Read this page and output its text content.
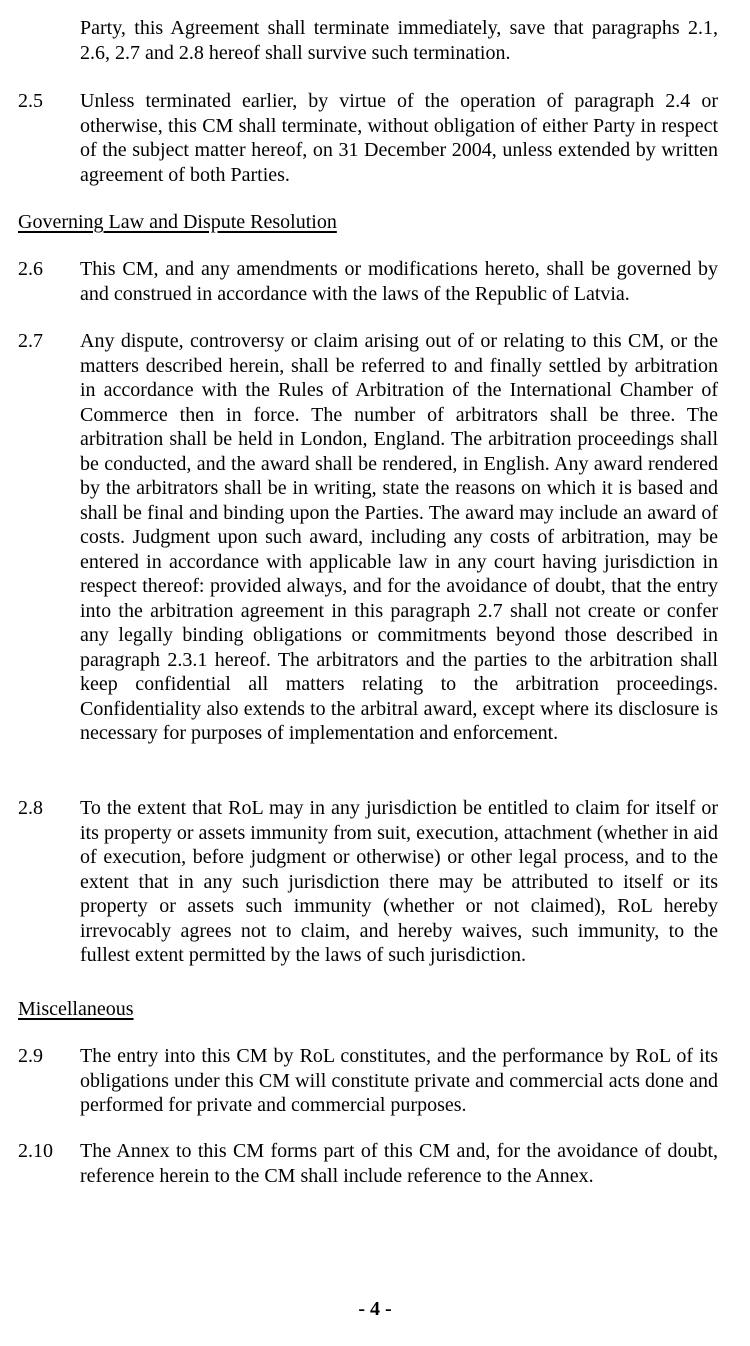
Party, this Agreement shall terminate immediately, save that paragraphs 2.1, 2.6, 2.7 and 2.8 hereof shall survive such termination.
2.5	Unless terminated earlier, by virtue of the operation of paragraph 2.4 or otherwise, this CM shall terminate, without obligation of either Party in respect of the subject matter hereof, on 31 December 2004, unless extended by written agreement of both Parties.
Governing Law and Dispute Resolution
2.6	This CM, and any amendments or modifications hereto, shall be governed by and construed in accordance with the laws of the Republic of Latvia.
2.7	Any dispute, controversy or claim arising out of or relating to this CM, or the matters described herein, shall be referred to and finally settled by arbitration in accordance with the Rules of Arbitration of the International Chamber of Commerce then in force. The number of arbitrators shall be three. The arbitration shall be held in London, England. The arbitration proceedings shall be conducted, and the award shall be rendered, in English. Any award rendered by the arbitrators shall be in writing, state the reasons on which it is based and shall be final and binding upon the Parties. The award may include an award of costs. Judgment upon such award, including any costs of arbitration, may be entered in accordance with applicable law in any court having jurisdiction in respect thereof: provided always, and for the avoidance of doubt, that the entry into the arbitration agreement in this paragraph 2.7 shall not create or confer any legally binding obligations or commitments beyond those described in paragraph 2.3.1 hereof. The arbitrators and the parties to the arbitration shall keep confidential all matters relating to the arbitration proceedings. Confidentiality also extends to the arbitral award, except where its disclosure is necessary for purposes of implementation and enforcement.
2.8	To the extent that RoL may in any jurisdiction be entitled to claim for itself or its property or assets immunity from suit, execution, attachment (whether in aid of execution, before judgment or otherwise) or other legal process, and to the extent that in any such jurisdiction there may be attributed to itself or its property or assets such immunity (whether or not claimed), RoL hereby irrevocably agrees not to claim, and hereby waives, such immunity, to the fullest extent permitted by the laws of such jurisdiction.
Miscellaneous
2.9	The entry into this CM by RoL constitutes, and the performance by RoL of its obligations under this CM will constitute private and commercial acts done and performed for private and commercial purposes.
2.10	The Annex to this CM forms part of this CM and, for the avoidance of doubt, reference herein to the CM shall include reference to the Annex.
- 4 -
